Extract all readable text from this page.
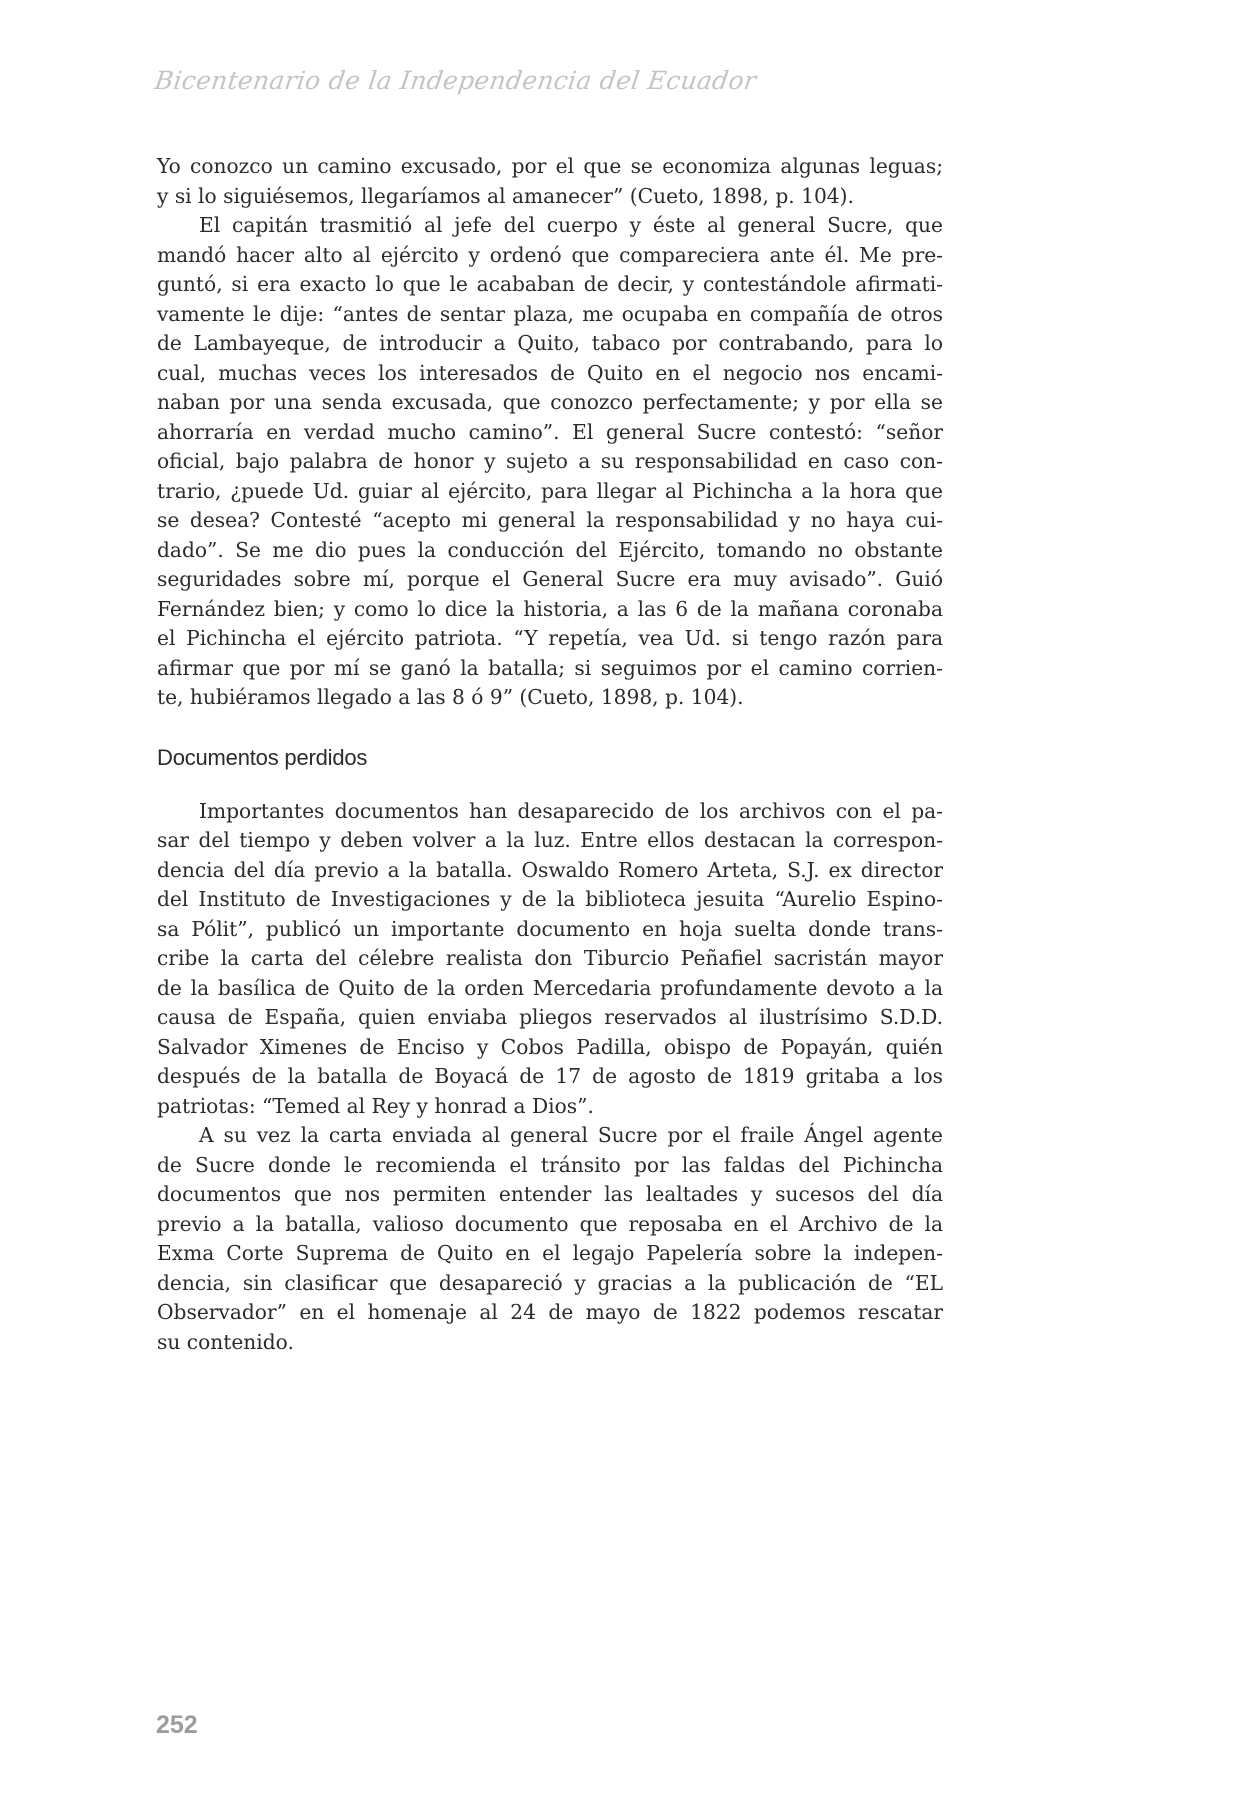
Bicentenario de la Independencia del Ecuador

Yo conozco un camino excusado, por el que se economiza algunas leguas;
y si lo siguiésemos, llegaríamos al amanecer” (Cueto, 1898, p. 104).

El capitán trasmitió al jefe del cuerpo y éste al general Sucre, que
mandó hacer alto al ejército y ordenó que compareciera ante él. Me pre-
guntó, si era exacto lo que le acababan de decir, y contestándole afirmati-
vamente le dije: “antes de sentar plaza, me ocupaba en compañía de otros
de Lambayeque, de introducir a Quito, tabaco por contrabando, para lo
cual, muchas veces los interesados de Quito en el negocio nos encami-
naban por una senda excusada, que conozco perfectamente; y por ella se
ahorraría en verdad mucho camino”. El general Sucre contestó: “señor
oficial, bajo palabra de honor y sujeto a su responsabilidad en caso con-
trario, ¿puede Ud. guiar al ejército, para llegar al Pichincha a la hora que
se desea? Contesté “acepto mi general la responsabilidad y no haya cui-
dado”. Se me dio pues la conducción del Ejército, tomando no obstante
seguridades sobre mí, porque el General Sucre era muy avisado”. Guió
Fernández bien; y como lo dice la historia, a las 6 de la mañana coronaba
el Pichincha el ejército patriota. “Y repetía, vea Ud. si tengo razón para
afirmar que por mí se ganó la batalla; si seguimos por el camino corrien-
te, hubiéramos llegado a las 8 ó 9” (Cueto, 1898, p. 104).

Documentos perdidos

Importantes documentos han desaparecido de los archivos con el pa-
sar del tiempo y deben volver a la luz. Entre ellos destacan la correspon-
dencia del día previo a la batalla. Oswaldo Romero Arteta, S.J. ex director
del Instituto de Investigaciones y de la biblioteca jesuita “Aurelio Espino-
sa Pólit”, publicó un importante documento en hoja suelta donde trans-
cribe la carta del célebre realista don Tiburcio Peñafiel sacristán mayor
de la basílica de Quito de la orden Mercedaria profundamente devoto a la
causa de España, quien enviaba pliegos reservados al ilustrísimo S.D.D.
Salvador Ximenes de Enciso y Cobos Padilla, obispo de Popayán, quién
después de la batalla de Boyacá de 17 de agosto de 1819 gritaba a los
patriotas: “Temed al Rey y honrad a Dios”.

A su vez la carta enviada al general Sucre por el fraile Ángel agente
de Sucre donde le recomienda el tránsito por las faldas del Pichincha
documentos que nos permiten entender las lealtades y sucesos del día
previo a la batalla, valioso documento que reposaba en el Archivo de la
Exma Corte Suprema de Quito en el legajo Papelería sobre la indepen-
dencia, sin clasificar que desapareció y gracias a la publicación de “EL
Observador” en el homenaje al 24 de mayo de 1822 podemos rescatar
su contenido.

252
